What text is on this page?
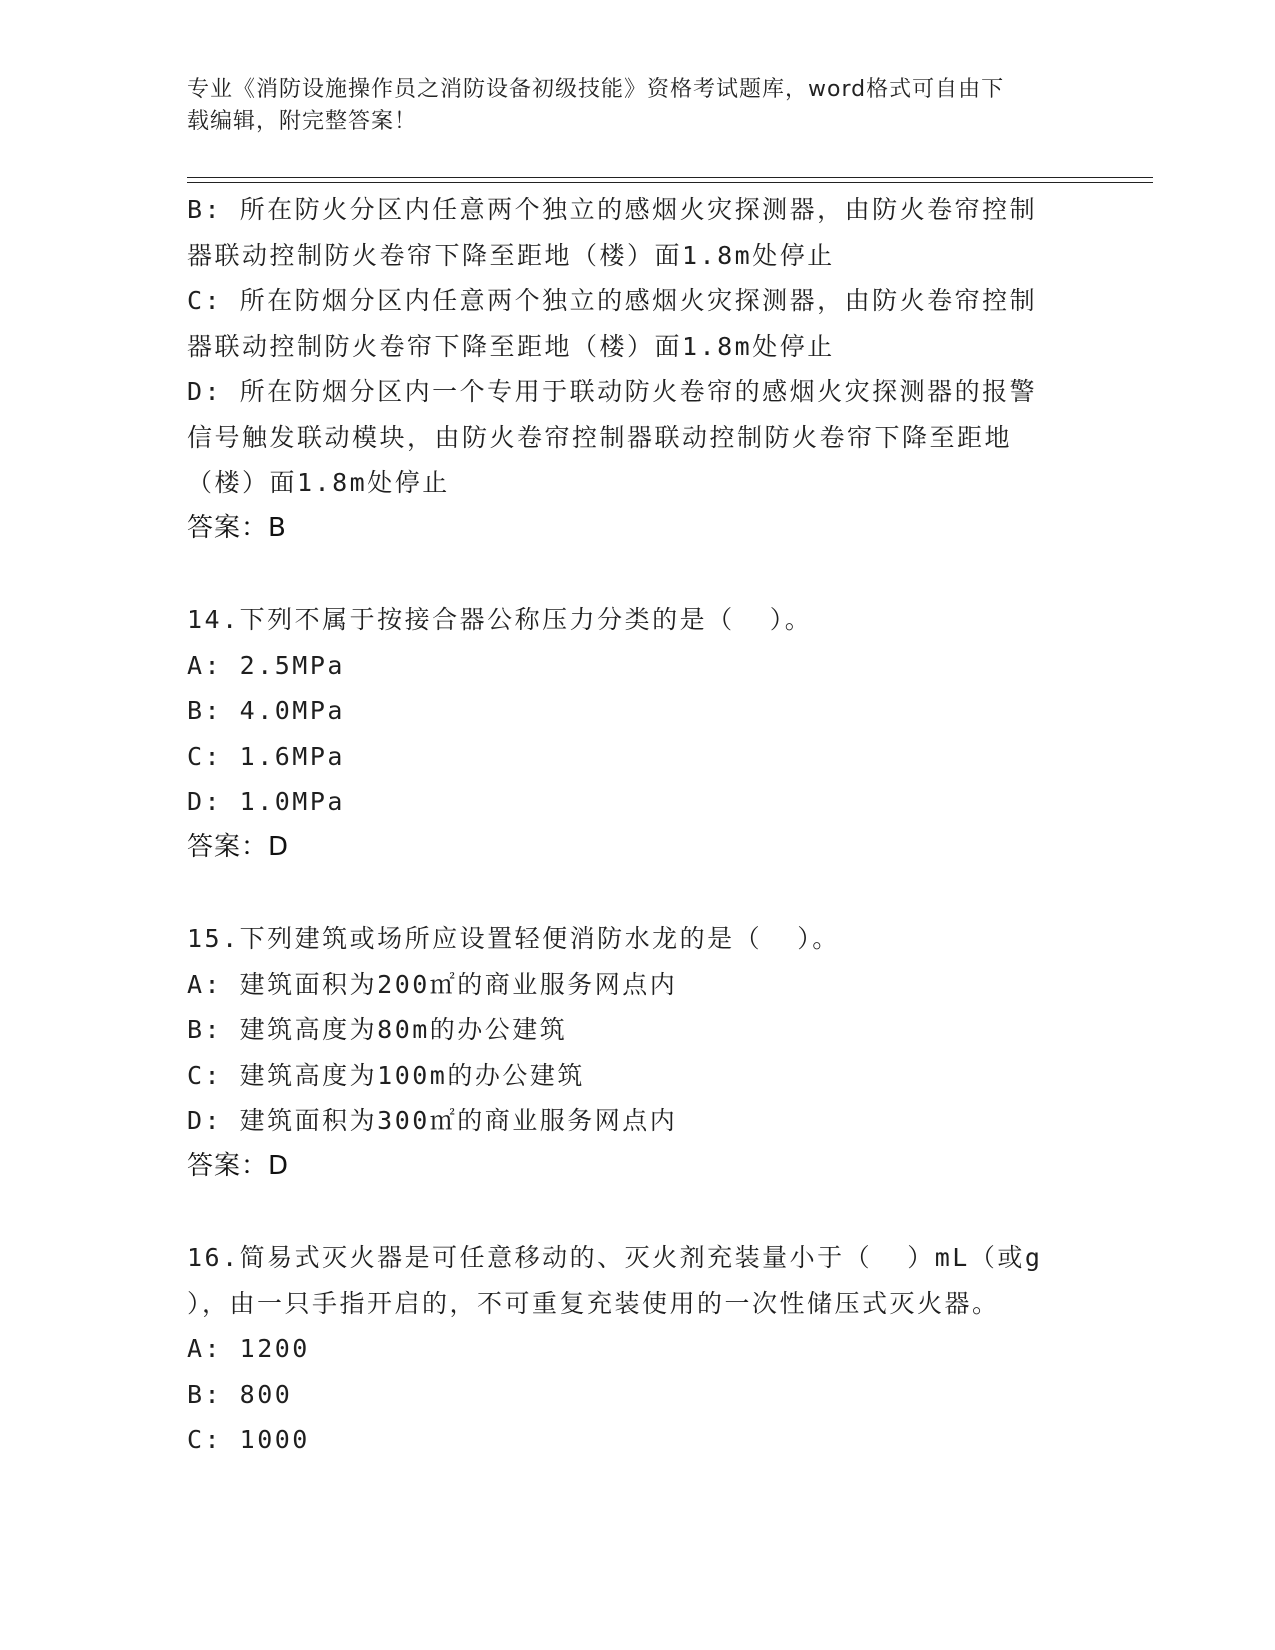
专业《消防设施操作员之消防设备初级技能》资格考试题库，word格式可自由下
载编辑，附完整答案！

B: 所在防火分区内任意两个独立的感烟火灾探测器，由防火卷帘控制

器联动控制防火卷帘下降至距地（楼）面1.8m处停止

C: 所在防烟分区内任意两个独立的感烟火灾探测器，由防火卷帘控制

器联动控制防火卷帘下降至距地（楼）面1.8m处停止

D: 所在防烟分区内一个专用于联动防火卷帘的感烟火灾探测器的报警

信号触发联动模块，由防火卷帘控制器联动控制防火卷帘下降至距地

（楼）面1.8m处停止

答案：B

14.下列不属于按接合器公称压力分类的是（  ）。

A: 2.5MPa

B: 4.0MPa

C: 1.6MPa

D: 1.0MPa

答案：D

15.下列建筑或场所应设置轻便消防水龙的是（  ）。

A: 建筑面积为200㎡的商业服务网点内

B: 建筑高度为80m的办公建筑

C: 建筑高度为100m的办公建筑

D: 建筑面积为300㎡的商业服务网点内

答案：D

16.简易式灭火器是可任意移动的、灭火剂充装量小于（  ）mL（或g

），由一只手指开启的，不可重复充装使用的一次性储压式灭火器。

A: 1200

B: 800

C: 1000
